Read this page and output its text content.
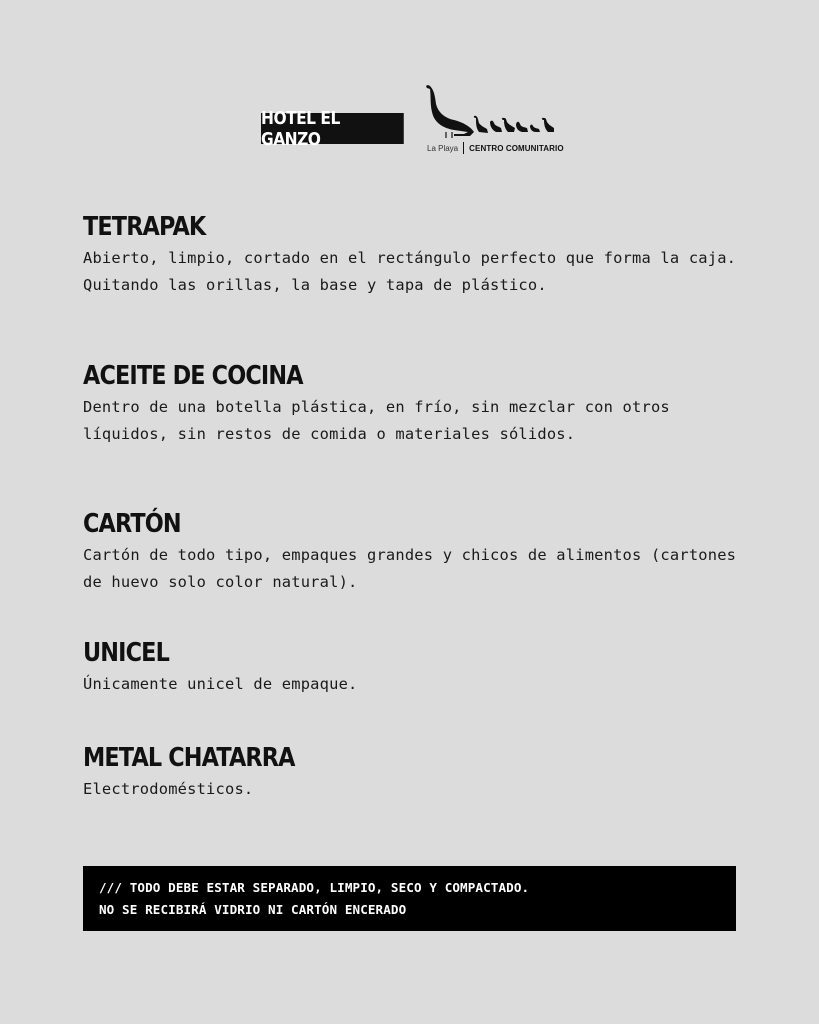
HOTEL EL GANZO	La Playa CENTRO COMUNITARIO
TETRAPAK

Abierto, limpio, cortado en el rectángulo perfecto que forma la caja. Quitando las orillas, la base y tapa de plástico.

ACEITE DE COCINA

Dentro de una botella plástica, en frío, sin mezclar con otros líquidos, sin restos de comida o materiales sólidos.

CARTÓN

Cartón de todo tipo, empaques grandes y chicos de alimentos (cartones de huevo solo color natural).

UNICEL

Únicamente unicel de empaque.

METAL CHATARRA

Electrodomésticos.

/// TODO DEBE ESTAR SEPARADO, LIMPIO, SECO Y COMPACTADO.
NO SE RECIBIRÁ VIDRIO NI CARTÓN ENCERADO
